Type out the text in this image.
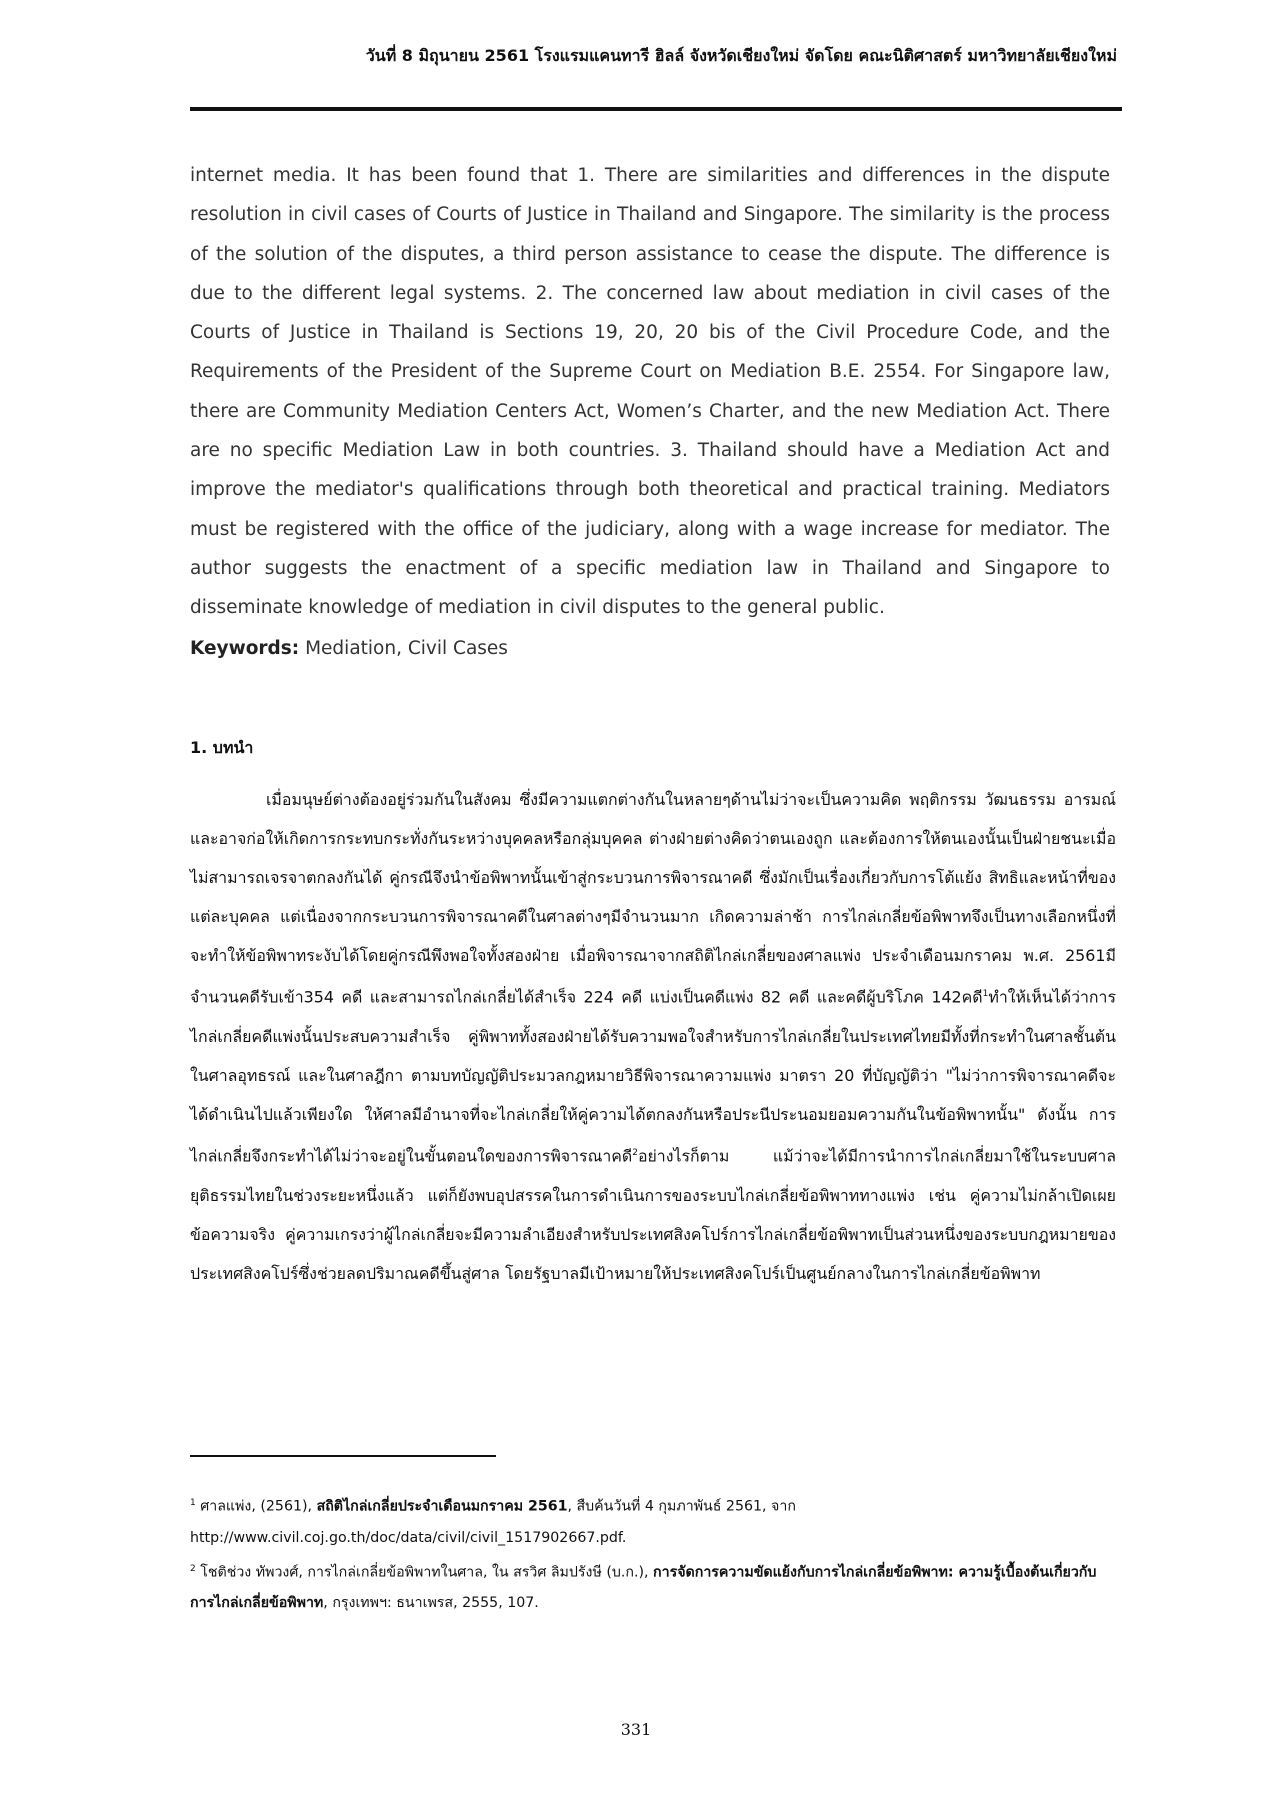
วันที่ 8 มิถุนายน 2561 โรงแรมแคนทารี ฮิลล์ จังหวัดเชียงใหม่ จัดโดย คณะนิติศาสตร์ มหาวิทยาลัยเชียงใหม่
internet media. It has been found that 1. There are similarities and differences in the dispute resolution in civil cases of Courts of Justice in Thailand and Singapore. The similarity is the process of the solution of the disputes, a third person assistance to cease the dispute. The difference is due to the different legal systems. 2. The concerned law about mediation in civil cases of the Courts of Justice in Thailand is Sections 19, 20, 20 bis of the Civil Procedure Code, and the Requirements of the President of the Supreme Court on Mediation B.E. 2554. For Singapore law, there are Community Mediation Centers Act, Women’s Charter, and the new Mediation Act. There are no specific Mediation Law in both countries. 3. Thailand should have a Mediation Act and improve the mediator's qualifications through both theoretical and practical training. Mediators must be registered with the office of the judiciary, along with a wage increase for mediator. The author suggests the enactment of a specific mediation law in Thailand and Singapore to disseminate knowledge of mediation in civil disputes to the general public.
Keywords: Mediation, Civil Cases
1. บทนำ
เมื่อมนุษย์ต่างต้องอยู่ร่วมกันในสังคม ซึ่งมีความแตกต่างกันในหลายๆด้านไม่ว่าจะเป็นความคิด พฤติกรรม วัฒนธรรม อารมณ์และอาจก่อให้เกิดการกระทบกระทั่งกันระหว่างบุคคลหรือกลุ่มบุคคล ต่างฝ่ายต่างคิดว่าตนเองถูก และต้องการให้ตนเองนั้นเป็นฝ่ายชนะเมื่อไม่สามารถเจรจาตกลงกันได้ คู่กรณีจึงนำข้อพิพาทนั้นเข้าสู่กระบวนการพิจารณาคดี ซึ่งมักเป็นเรื่องเกี่ยวกับการโต้แย้ง สิทธิและหน้าที่ของแต่ละบุคคล แต่เนื่องจากกระบวนการพิจารณาคดีในศาลต่างๆมีจำนวนมาก เกิดความล่าช้า การไกล่เกลี่ยข้อพิพาทจึงเป็นทางเลือกหนึ่งที่จะทำให้ข้อพิพาทระงับได้โดยคู่กรณีพึงพอใจทั้งสองฝ่าย เมื่อพิจารณาจากสถิติไกล่เกลี่ยของศาลแพ่ง ประจำเดือนมกราคม พ.ศ. 2561มีจำนวนคดีรับเข้า354 คดี และสามารถไกล่เกลี่ยได้สำเร็จ 224 คดี แบ่งเป็นคดีแพ่ง 82 คดี และคดีผู้บริโภค 142คดี$^1$ทำให้เห็นได้ว่าการไกล่เกลี่ยคดีแพ่งนั้นประสบความสำเร็จ คู่พิพาททั้งสองฝ่ายได้รับความพอใจสำหรับการไกล่เกลี่ยในประเทศไทยมีทั้งที่กระทำในศาลชั้นต้น ในศาลอุทธรณ์ และในศาลฎีกา ตามบทบัญญัติประมวลกฎหมายวิธีพิจารณาความแพ่ง มาตรา 20 ที่บัญญัติว่า "ไม่ว่าการพิจารณาคดีจะได้ดำเนินไปแล้วเพียงใด ให้ศาลมีอำนาจที่จะไกล่เกลี่ยให้คู่ความได้ตกลงกันหรือประนีประนอมยอมความกันในข้อพิพาทนั้น" ดังนั้น การไกล่เกลี่ยจึงกระทำได้ไม่ว่าจะอยู่ในขั้นตอนใดของการพิจารณาคดี$^2$อย่างไรก็ตาม แม้ว่าจะได้มีการนำการไกล่เกลี่ยมาใช้ในระบบศาลยุติธรรมไทยในช่วงระยะหนึ่งแล้ว แต่ก็ยังพบอุปสรรคในการดำเนินการของระบบไกล่เกลี่ยข้อพิพาททางแพ่ง เช่น คู่ความไม่กล้าเปิดเผยข้อความจริง คู่ความเกรงว่าผู้ไกล่เกลี่ยจะมีความลำเอียงสำหรับประเทศสิงคโปร์การไกล่เกลี่ยข้อพิพาทเป็นส่วนหนึ่งของระบบกฎหมายของประเทศสิงคโปร์ซึ่งช่วยลดปริมาณคดีขึ้นสู่ศาล โดยรัฐบาลมีเป้าหมายให้ประเทศสิงคโปร์เป็นศูนย์กลางในการไกล่เกลี่ยข้อพิพาท
$^1$ ศาลแพ่ง, (2561), สถิติไกล่เกลี่ยประจำเดือนมกราคม 2561, สืบค้นวันที่ 4 กุมภาพันธ์ 2561, จาก
http://www.civil.coj.go.th/doc/data/civil/civil_1517902667.pdf.
$^2$ โชติช่วง ทัพวงศ์, การไกล่เกลี่ยข้อพิพาทในศาล, ใน สรวิศ ลิมปรังษี (บ.ก.), การจัดการความขัดแย้งกับการไกล่เกลี่ยข้อพิพาท: ความรู้เบื้องต้นเกี่ยวกับการไกล่เกลี่ยข้อพิพาท, กรุงเทพฯ: ธนาเพรส, 2555, 107.
331
